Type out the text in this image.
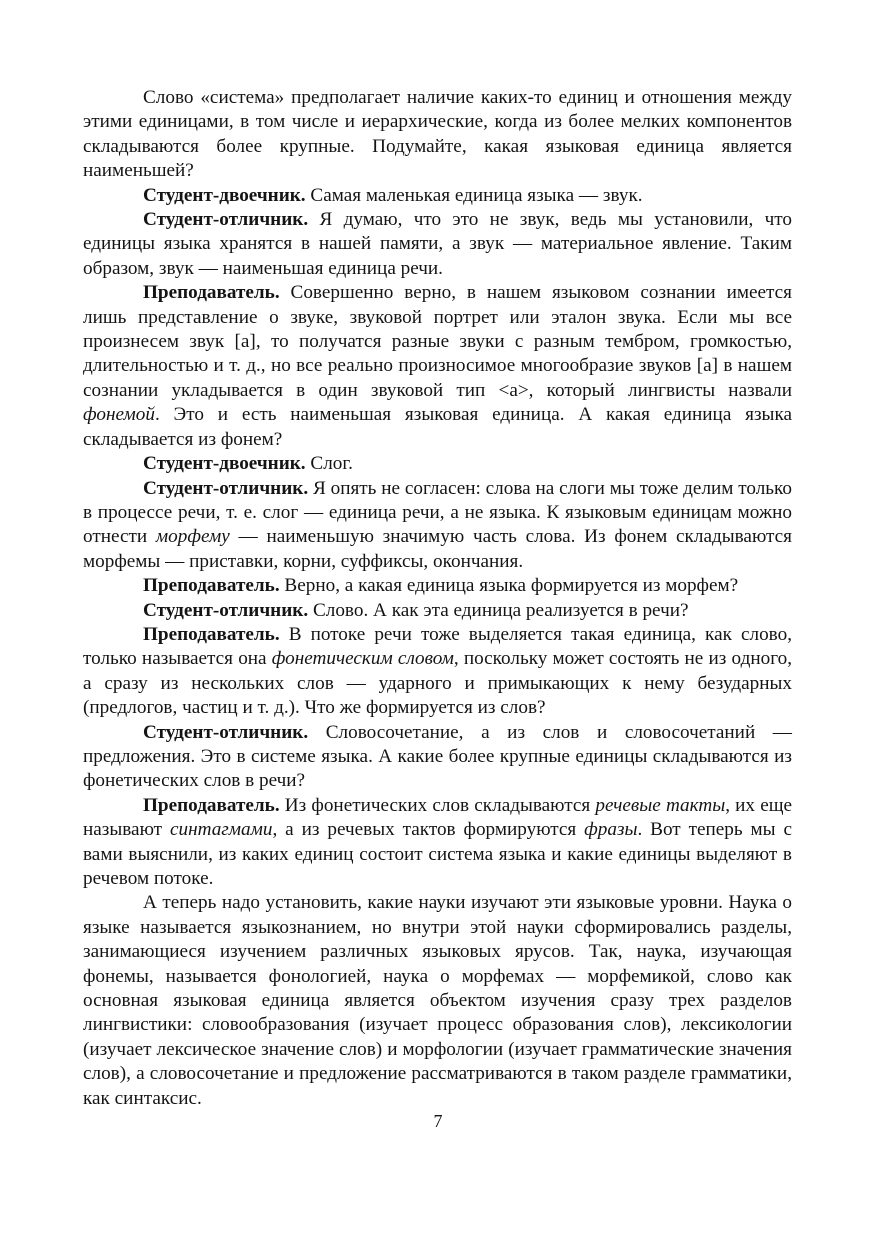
Слово «система» предполагает наличие каких-то единиц и отношения между этими единицами, в том числе и иерархические, когда из более мелких компонентов складываются более крупные. Подумайте, какая языковая единица является наименьшей?

Студент-двоечник. Самая маленькая единица языка — звук.

Студент-отличник. Я думаю, что это не звук, ведь мы установили, что единицы языка хранятся в нашей памяти, а звук — материальное явление. Таким образом, звук — наименьшая единица речи.

Преподаватель. Совершенно верно, в нашем языковом сознании имеется лишь представление о звуке, звуковой портрет или эталон звука. Если мы все произнесем звук [а], то получатся разные звуки с разным тембром, громкостью, длительностью и т. д., но все реально произносимое многообразие звуков [а] в нашем сознании укладывается в один звуковой тип <а>, который лингвисты назвали фонемой. Это и есть наименьшая языковая единица. А какая единица языка складывается из фонем?

Студент-двоечник. Слог.

Студент-отличник. Я опять не согласен: слова на слоги мы тоже делим только в процессе речи, т. е. слог — единица речи, а не языка. К языковым единицам можно отнести морфему — наименьшую значимую часть слова. Из фонем складываются морфемы — приставки, корни, суффиксы, окончания.

Преподаватель. Верно, а какая единица языка формируется из морфем?

Студент-отличник. Слово. А как эта единица реализуется в речи?

Преподаватель. В потоке речи тоже выделяется такая единица, как слово, только называется она фонетическим словом, поскольку может состоять не из одного, а сразу из нескольких слов — ударного и примыкающих к нему безударных (предлогов, частиц и т. д.). Что же формируется из слов?

Студент-отличник. Словосочетание, а из слов и словосочетаний — предложения. Это в системе языка. А какие более крупные единицы складываются из фонетических слов в речи?

Преподаватель. Из фонетических слов складываются речевые такты, их еще называют синтагмами, а из речевых тактов формируются фразы. Вот теперь мы с вами выяснили, из каких единиц состоит система языка и какие единицы выделяют в речевом потоке.

А теперь надо установить, какие науки изучают эти языковые уровни. Наука о языке называется языкознанием, но внутри этой науки сформировались разделы, занимающиеся изучением различных языковых ярусов. Так, наука, изучающая фонемы, называется фонологией, наука о морфемах — морфемикой, слово как основная языковая единица является объектом изучения сразу трех разделов лингвистики: словообразования (изучает процесс образования слов), лексикологии (изучает лексическое значение слов) и морфологии (изучает грамматические значения слов), а словосочетание и предложение рассматриваются в таком разделе грамматики, как синтаксис.

7
